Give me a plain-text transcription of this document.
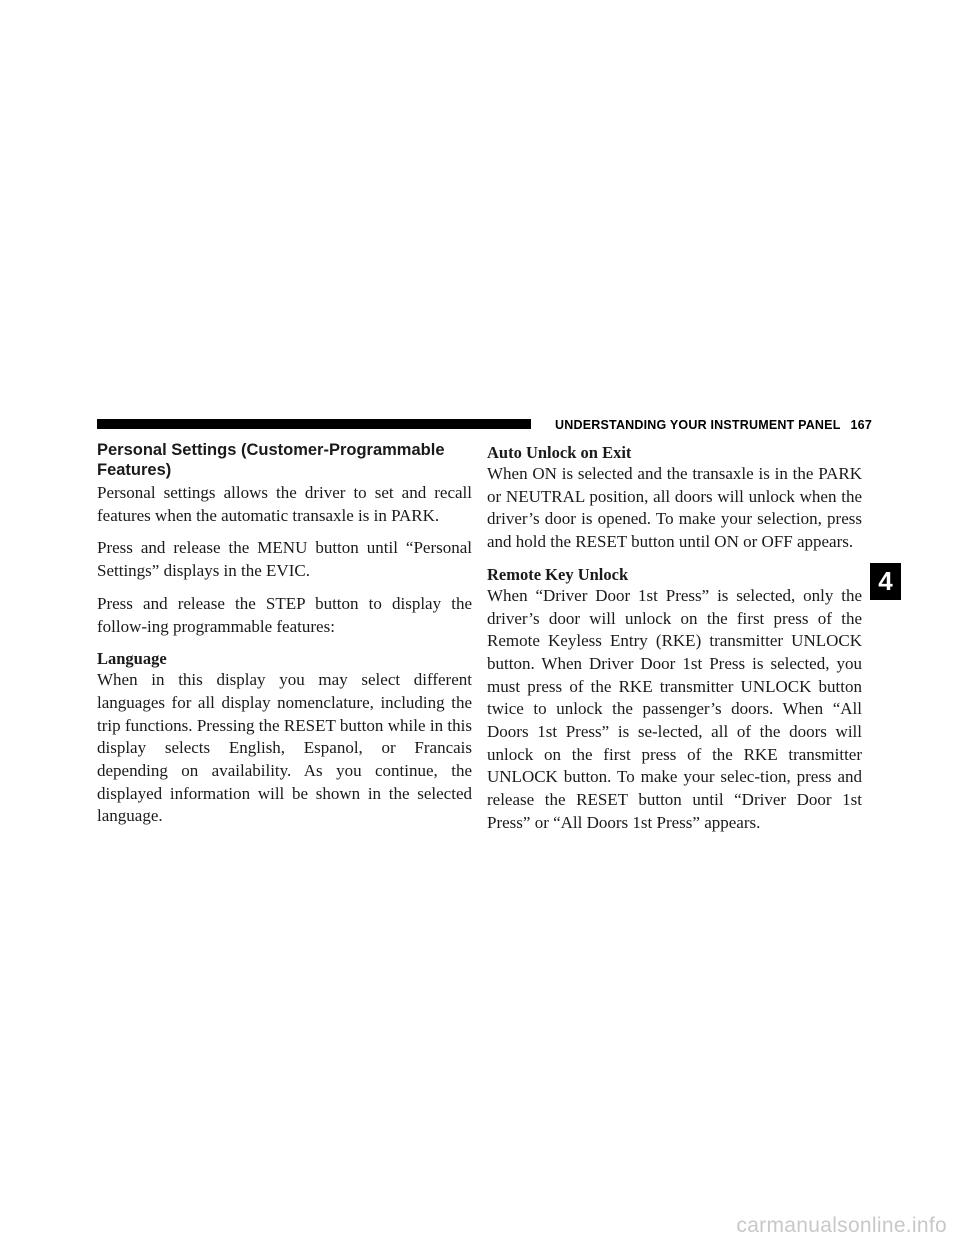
UNDERSTANDING YOUR INSTRUMENT PANEL 167
Personal Settings (Customer-Programmable Features)

Personal settings allows the driver to set and recall features when the automatic transaxle is in PARK.

Press and release the MENU button until “Personal Settings” displays in the EVIC.

Press and release the STEP button to display the follow-ing programmable features:

Language

When in this display you may select different languages for all display nomenclature, including the trip functions. Pressing the RESET button while in this display selects English, Espanol, or Francais depending on availability. As you continue, the displayed information will be shown in the selected language.

Auto Unlock on Exit

When ON is selected and the transaxle is in the PARK or NEUTRAL position, all doors will unlock when the driver’s door is opened. To make your selection, press and hold the RESET button until ON or OFF appears.

Remote Key Unlock

When “Driver Door 1st Press” is selected, only the driver’s door will unlock on the first press of the Remote Keyless Entry (RKE) transmitter UNLOCK button. When Driver Door 1st Press is selected, you must press of the RKE transmitter UNLOCK button twice to unlock the passenger’s doors. When “All Doors 1st Press” is se-lected, all of the doors will unlock on the first press of the RKE transmitter UNLOCK button. To make your selec-tion, press and release the RESET button until “Driver Door 1st Press” or “All Doors 1st Press” appears.

4
carmanualsonline.info
